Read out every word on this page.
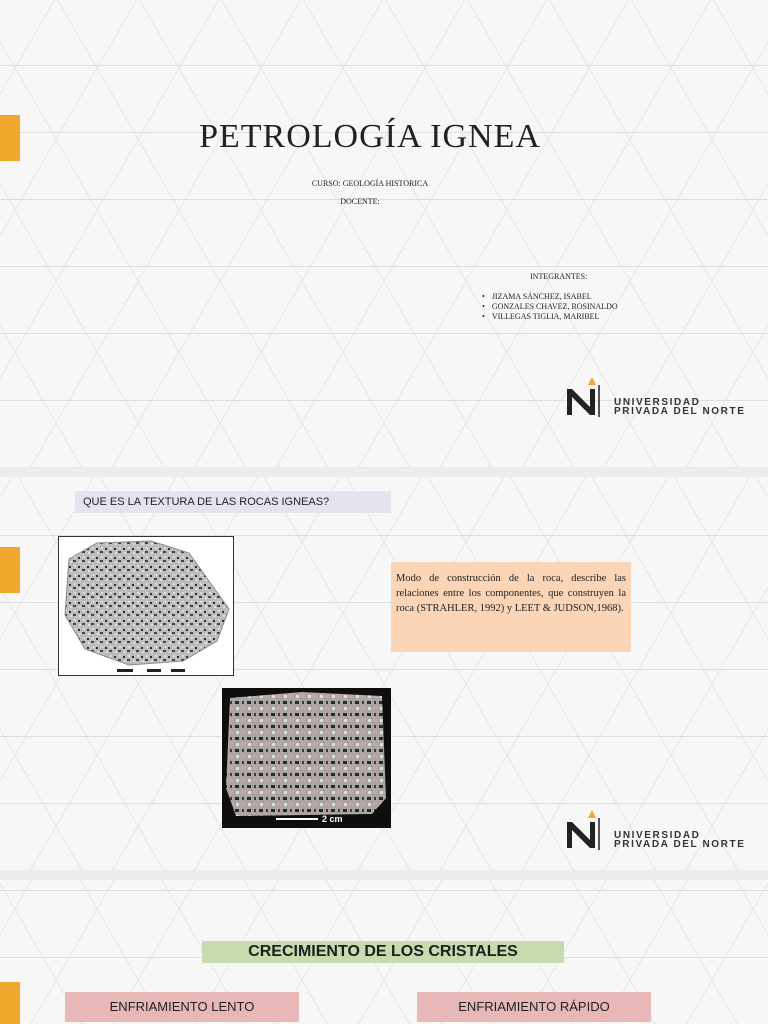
PETROLOGÍA IGNEA
CURSO: GEOLOGÍA HISTORICA
DOCENTE:
INTEGRANTES:
• JIZAMA SÁNCHEZ, ISABEL
• GONZALES CHAVEZ, ROSINALDO
• VILLEGAS TIGLIA, MARIBEL
UNIVERSIDAD
PRIVADA DEL NORTE
QUE ES LA TEXTURA DE LAS ROCAS IGNEAS?
Modo de construcción de la roca, describe las relaciones entre los componentes, que construyen la roca (STRAHLER, 1992) y LEET & JUDSON,1968).
2 cm
UNIVERSIDAD
PRIVADA DEL NORTE
CRECIMIENTO DE LOS CRISTALES
ENFRIAMIENTO LENTO	ENFRIAMIENTO RÁPIDO
